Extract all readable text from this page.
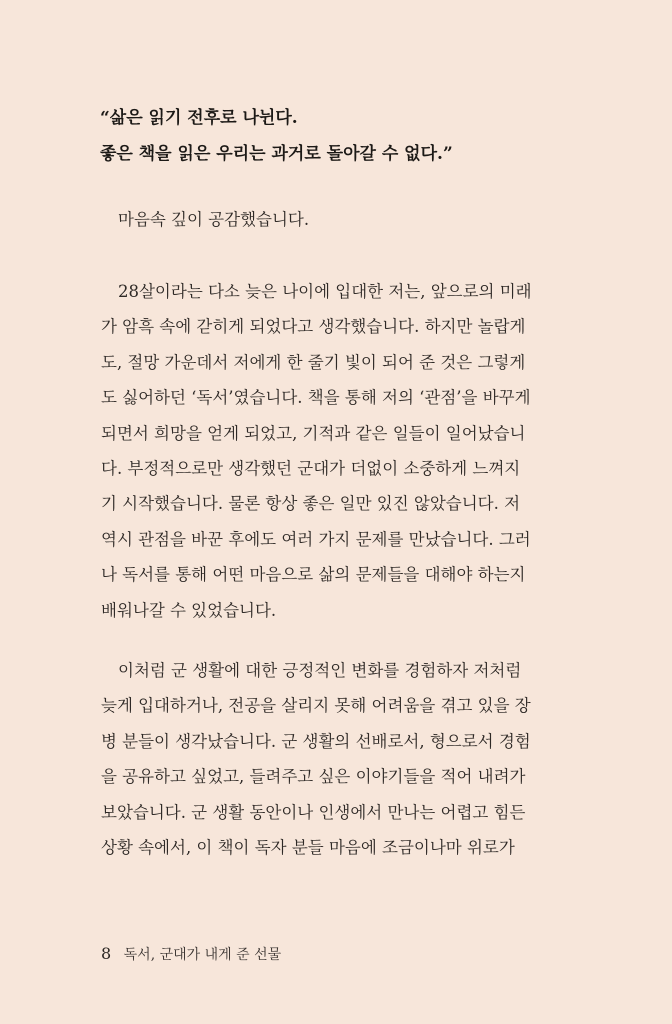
“삶은 읽기 전후로 나뉜다.
좋은 책을 읽은 우리는 과거로 돌아갈 수 없다.”
마음속 깊이 공감했습니다.
28살이라는 다소 늦은 나이에 입대한 저는, 앞으로의 미래
가 암흑 속에 갇히게 되었다고 생각했습니다. 하지만 놀랍게
도, 절망 가운데서 저에게 한 줄기 빛이 되어 준 것은 그렇게
도 싫어하던 ‘독서’였습니다. 책을 통해 저의 ‘관점’을 바꾸게
되면서 희망을 얻게 되었고, 기적과 같은 일들이 일어났습니
다. 부정적으로만 생각했던 군대가 더없이 소중하게 느껴지
기 시작했습니다. 물론 항상 좋은 일만 있진 않았습니다. 저
역시 관점을 바꾼 후에도 여러 가지 문제를 만났습니다. 그러
나 독서를 통해 어떤 마음으로 삶의 문제들을 대해야 하는지
배워나갈 수 있었습니다.
이처럼 군 생활에 대한 긍정적인 변화를 경험하자 저처럼
늦게 입대하거나, 전공을 살리지 못해 어려움을 겪고 있을 장
병 분들이 생각났습니다. 군 생활의 선배로서, 형으로서 경험
을 공유하고 싶었고, 들려주고 싶은 이야기들을 적어 내려가
보았습니다. 군 생활 동안이나 인생에서 만나는 어렵고 힘든
상황 속에서, 이 책이 독자 분들 마음에 조금이나마 위로가
8 독서, 군대가 내게 준 선물
